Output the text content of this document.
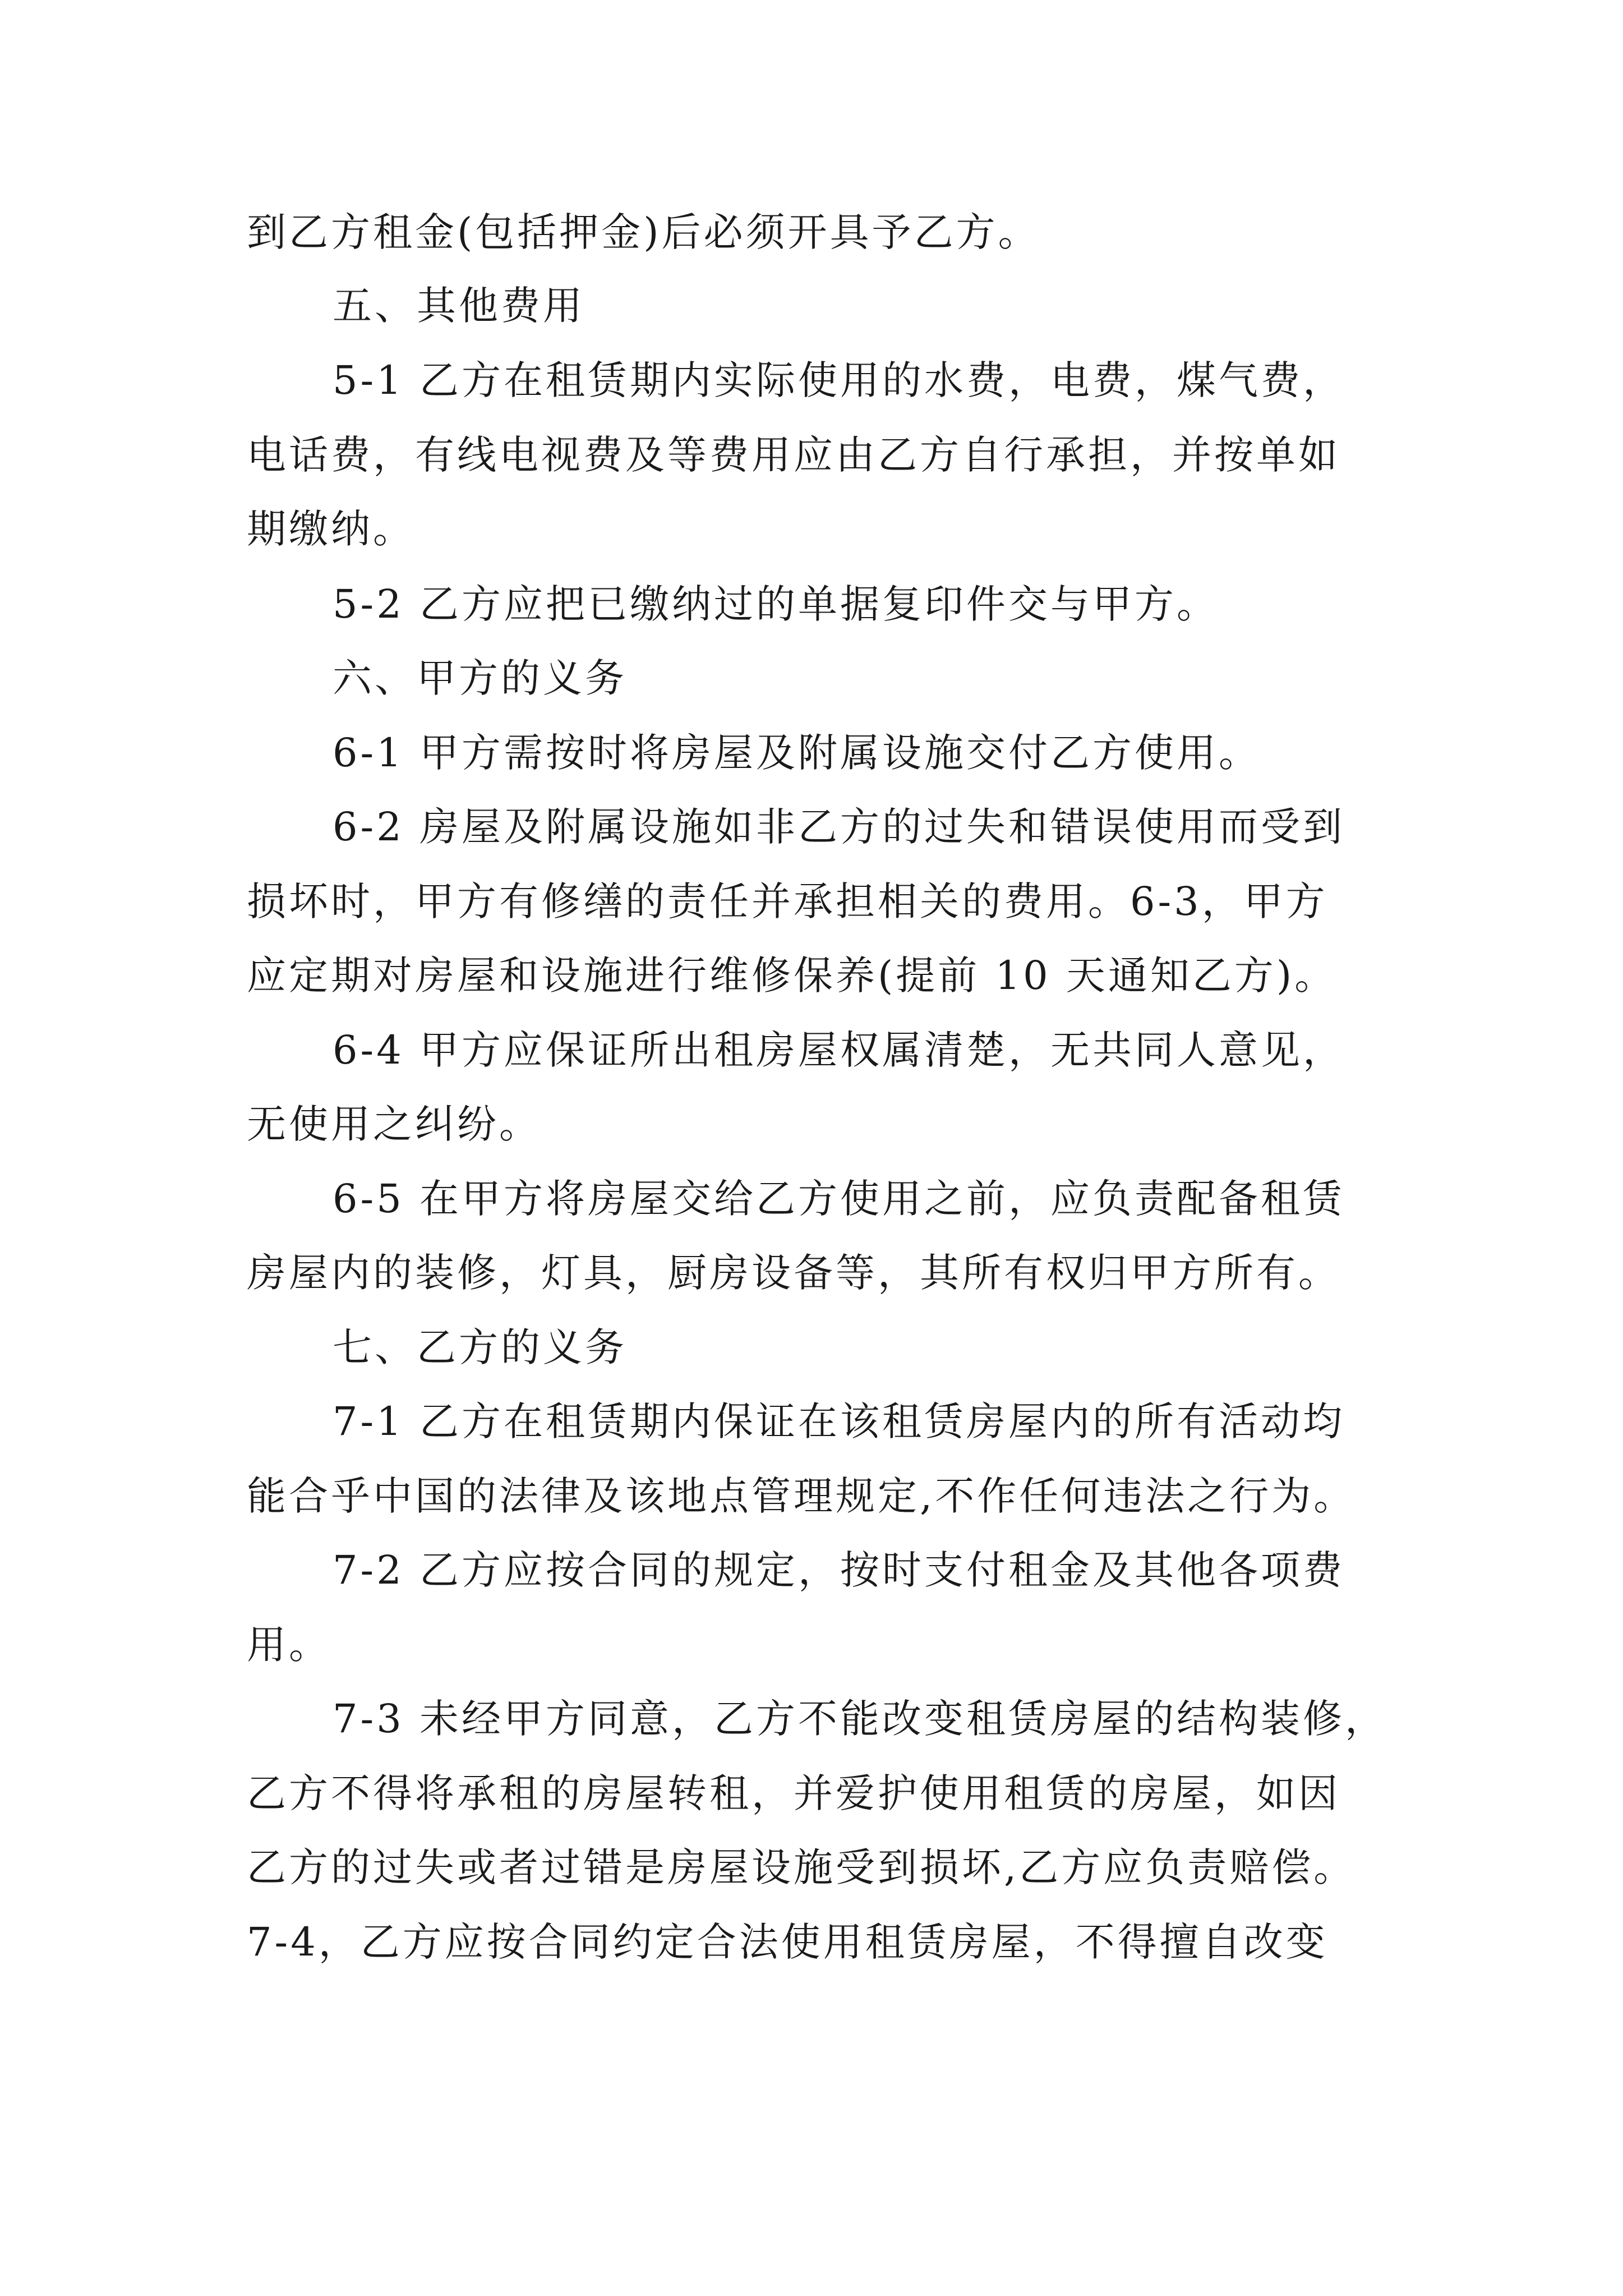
到乙方租金(包括押金)后必须开具予乙方。

五、其他费用

5-1 乙方在租赁期内实际使用的水费，电费，煤气费，

电话费，有线电视费及等费用应由乙方自行承担，并按单如

期缴纳。

5-2 乙方应把已缴纳过的单据复印件交与甲方。

六、甲方的义务

6-1 甲方需按时将房屋及附属设施交付乙方使用。

6-2 房屋及附属设施如非乙方的过失和错误使用而受到

损坏时，甲方有修缮的责任并承担相关的费用。6-3，甲方

应定期对房屋和设施进行维修保养(提前 10 天通知乙方)。

6-4 甲方应保证所出租房屋权属清楚，无共同人意见，

无使用之纠纷。

6-5 在甲方将房屋交给乙方使用之前，应负责配备租赁

房屋内的装修，灯具，厨房设备等，其所有权归甲方所有。

七、乙方的义务

7-1 乙方在租赁期内保证在该租赁房屋内的所有活动均

能合乎中国的法律及该地点管理规定,不作任何违法之行为。

7-2 乙方应按合同的规定，按时支付租金及其他各项费

用。

7-3 未经甲方同意，乙方不能改变租赁房屋的结构装修，

乙方不得将承租的房屋转租，并爱护使用租赁的房屋，如因

乙方的过失或者过错是房屋设施受到损坏,乙方应负责赔偿。

7-4，乙方应按合同约定合法使用租赁房屋，不得擅自改变
